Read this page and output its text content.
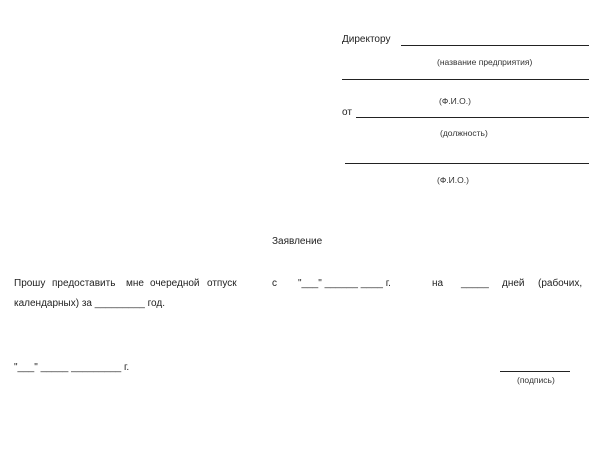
Директору
(название предприятия)
(Ф.И.О.)
от
(должность)
(Ф.И.О.)
Заявление
Прошу предоставить мне очередной отпуск	с "___" ______ ____ г.	на _____ дней (рабочих,
календарных) за _________ год.
"___" _____ _________ г.
(подпись)
